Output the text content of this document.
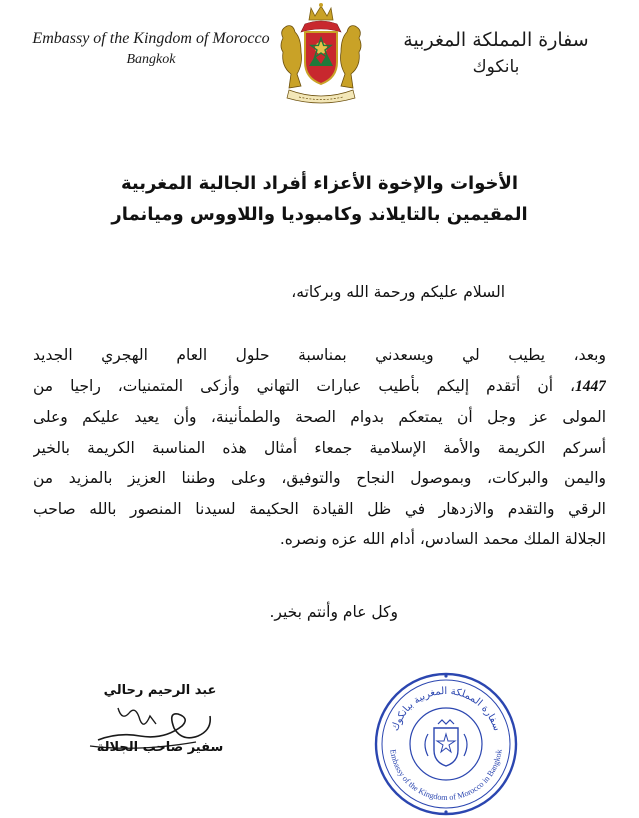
Embassy of the Kingdom of Morocco
Bangkok
سفارة المملكة المغربية
بانكوك
الأخوات والإخوة الأعزاء أفراد الجالية المغربية
المقيمين بالتايلاند وكامبوديا واللاووس وميانمار
السلام عليكم ورحمة الله وبركاته،
وبعد، يطيب لي ويسعدني بمناسبة حلول العام الهجري الجديد
1447، أن أتقدم إليكم بأطيب عبارات التهاني وأزكى المتمنيات، راجيا من
المولى عز وجل أن يمتعكم بدوام الصحة والطمأنينة، وأن يعيد عليكم وعلى
أسركم الكريمة والأمة الإسلامية جمعاء أمثال هذه المناسبة الكريمة بالخير
واليمن والبركات، وبموصول النجاح والتوفيق، وعلى وطننا العزيز بالمزيد من
الرقي والتقدم والازدهار في ظل القيادة الحكيمة لسيدنا المنصور بالله صاحب
الجلالة الملك محمد السادس، أدام الله عزه ونصره.
وكل عام وأنتم بخير.
عبد الرحيم رحالي
سفير صاحب الجلالة
سفارة المملكة المغربية ببانكوك
Embassy of the Kingdom of Morocco in Bangkok
